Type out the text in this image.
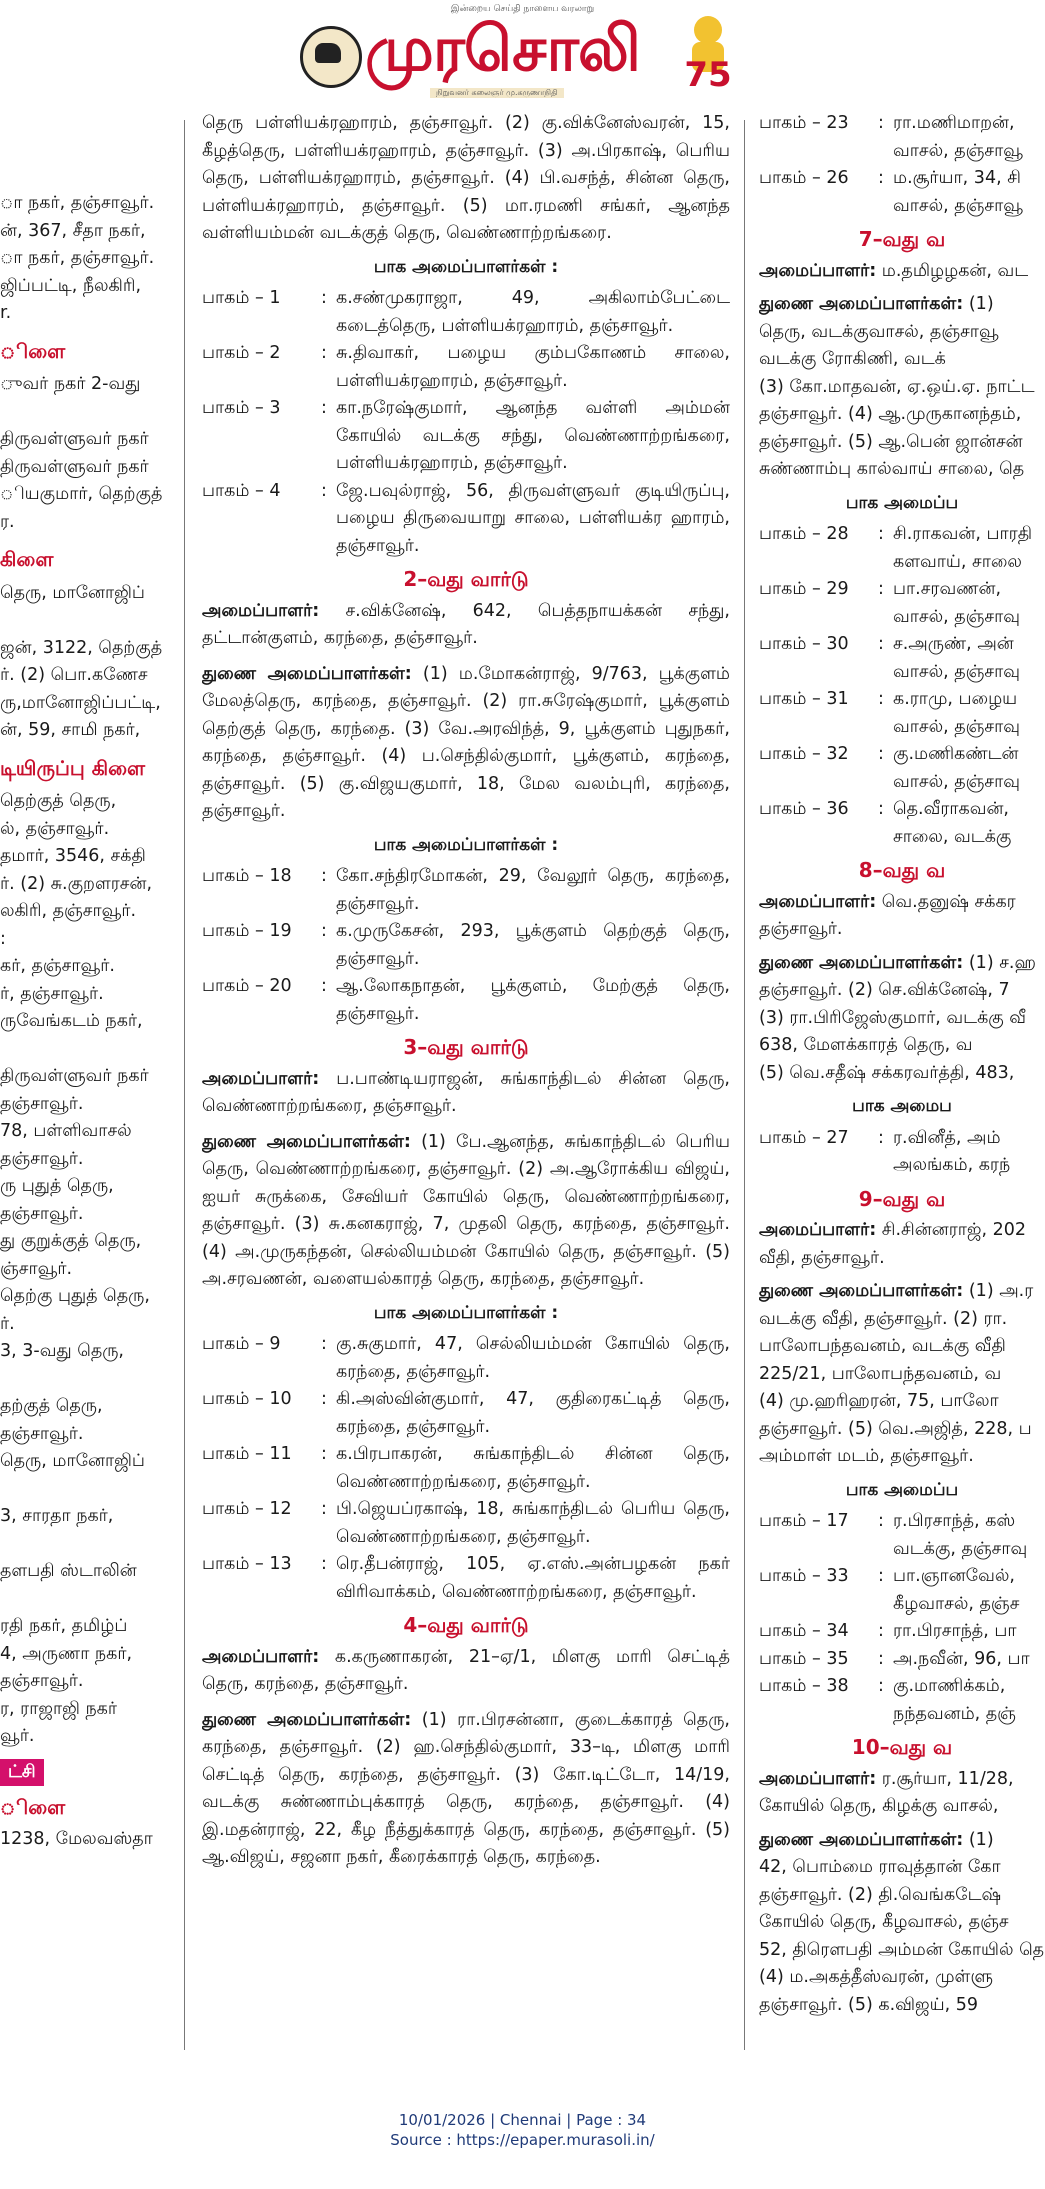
இன்றைய செய்தி நாளைய வரலாறு
முரசொலி
நிறுவனர் கலைஞர் மு.கருணாநிதி	75

ா நகர், தஞ்சாவூர்.

ன், 367, சீதா நகர்,

ா நகர், தஞ்சாவூர்.

ஜிப்பட்டி, நீலகிரி,

r.

ிளை

ுவர் நகர் 2-வது

திருவள்ளுவர் நகர்

திருவள்ளுவர் நகர்

ியகுமார், தெற்குத்

ர.

கிளை

தெரு, மானோஜிப்

ஜன், 3122, தெற்குத்

ர். (2) பொ.கணேச

ரு,மானோஜிப்பட்டி,

ன், 59, சாமி நகர்,

டியிருப்பு கிளை

தெற்குத் தெரு,

ல், தஞ்சாவூர்.

தமார், 3546, சக்தி

ர். (2) சு.குறளரசன்,

லகிரி, தஞ்சாவூர்.

:

கர், தஞ்சாவூர்.

ர், தஞ்சாவூர்.

ருவேங்கடம் நகர்,

திருவள்ளுவர் நகர்

தஞ்சாவூர்.

78, பள்ளிவாசல்

தஞ்சாவூர்.

ரு புதுத் தெரு,

தஞ்சாவூர்.

து குறுக்குத் தெரு,

ஞ்சாவூர்.

தெற்கு புதுத் தெரு,

ர்.

3, 3-வது தெரு,

தற்குத் தெரு,

தஞ்சாவூர்.

தெரு, மானோஜிப்

3, சாரதா நகர்,

தளபதி ஸ்டாலின்

ரதி நகர், தமிழ்ப்

4, அருணா நகர்,

தஞ்சாவூர்.

ர, ராஜாஜி நகர்

வூர்.

ட்சி
ிளை

1238, மேலவஸ்தா

தெரு பள்ளியக்ரஹாரம், தஞ்சாவூர். (2) கு.விக்னேஸ்வரன், 15, கீழத்தெரு, பள்ளியக்ரஹாரம், தஞ்சாவூர். (3) அ.பிரகாஷ், பெரிய தெரு, பள்ளியக்ரஹாரம், தஞ்சாவூர். (4) பி.வசந்த், சின்ன தெரு, பள்ளியக்ரஹாரம், தஞ்சாவூர். (5) மா.ரமணி சங்கர், ஆனந்த வள்ளியம்மன் வடக்குத் தெரு, வெண்ணாற்றங்கரை.

பாக அமைப்பாளர்கள் :
பாகம் – 1	: க.சண்முகராஜா, 49, அகிலாம்பேட்டை கடைத்தெரு, பள்ளியக்ரஹாரம், தஞ்சாவூர்.
பாகம் – 2	: சு.திவாகர், பழைய கும்பகோணம் சாலை, பள்ளியக்ரஹாரம், தஞ்சாவூர்.
பாகம் – 3	: கா.நரேஷ்குமார், ஆனந்த வள்ளி அம்மன் கோயில் வடக்கு சந்து, வெண்ணாற்றங்கரை, பள்ளியக்ரஹாரம், தஞ்சாவூர்.
பாகம் – 4	: ஜே.பவுல்ராஜ், 56, திருவள்ளுவர் குடியிருப்பு, பழைய திருவையாறு சாலை, பள்ளியக்ர ஹாரம், தஞ்சாவூர்.
2–வது வார்டு

அமைப்பாளர்: ச.விக்னேஷ், 642, பெத்தநாயக்கன் சந்து, தட்டான்குளம், கரந்தை, தஞ்சாவூர்.

துணை அமைப்பாளர்கள்: (1) ம.மோகன்ராஜ், 9/763, பூக்குளம் மேலத்தெரு, கரந்தை, தஞ்சாவூர். (2) ரா.சுரேஷ்குமார், பூக்குளம் தெற்குத் தெரு, கரந்தை. (3) வே.அரவிந்த், 9, பூக்குளம் புதுநகர், கரந்தை, தஞ்சாவூர். (4) ப.செந்தில்குமார், பூக்குளம், கரந்தை, தஞ்சாவூர். (5) கு.விஜயகுமார், 18, மேல வலம்புரி, கரந்தை, தஞ்சாவூர்.

பாக அமைப்பாளர்கள் :
பாகம் – 18	: கோ.சந்திரமோகன், 29, வேலூர் தெரு, கரந்தை, தஞ்சாவூர்.
பாகம் – 19	: க.முருகேசன், 293, பூக்குளம் தெற்குத் தெரு, தஞ்சாவூர்.
பாகம் – 20	: ஆ.லோகநாதன், பூக்குளம், மேற்குத் தெரு, தஞ்சாவூர்.
3–வது வார்டு

அமைப்பாளர்: ப.பாண்டியராஜன், சுங்காந்திடல் சின்ன தெரு, வெண்ணாற்றங்கரை, தஞ்சாவூர்.

துணை அமைப்பாளர்கள்: (1) பே.ஆனந்த, சுங்காந்திடல் பெரிய தெரு, வெண்ணாற்றங்கரை, தஞ்சாவூர். (2) அ.ஆரோக்கிய விஜய், ஐயர் சுருக்கை, சேவியர் கோயில் தெரு, வெண்ணாற்றங்கரை, தஞ்சாவூர். (3) சு.கனகராஜ், 7, முதலி தெரு, கரந்தை, தஞ்சாவூர். (4) அ.முருகந்தன், செல்லியம்மன் கோயில் தெரு, தஞ்சாவூர். (5) அ.சரவணன், வளையல்காரத் தெரு, கரந்தை, தஞ்சாவூர்.

பாக அமைப்பாளர்கள் :
பாகம் – 9	: கு.சுகுமார், 47, செல்லியம்மன் கோயில் தெரு, கரந்தை, தஞ்சாவூர்.
பாகம் – 10	: கி.அஸ்வின்குமார், 47, குதிரைகட்டித் தெரு, கரந்தை, தஞ்சாவூர்.
பாகம் – 11	: க.பிரபாகரன், சுங்காந்திடல் சின்ன தெரு, வெண்ணாற்றங்கரை, தஞ்சாவூர்.
பாகம் – 12	: பி.ஜெயப்ரகாஷ், 18, சுங்காந்திடல் பெரிய தெரு, வெண்ணாற்றங்கரை, தஞ்சாவூர்.
பாகம் – 13	: ரெ.தீபன்ராஜ், 105, ஏ.எஸ்.அன்பழகன் நகர் விரிவாக்கம், வெண்ணாற்றங்கரை, தஞ்சாவூர்.
4–வது வார்டு

அமைப்பாளர்: க.கருணாகரன், 21–ஏ/1, மிளகு மாரி செட்டித் தெரு, கரந்தை, தஞ்சாவூர்.

துணை அமைப்பாளர்கள்: (1) ரா.பிரசன்னா, குடைக்காரத் தெரு, கரந்தை, தஞ்சாவூர். (2) ஹ.செந்தில்குமார், 33–டி, மிளகு மாரி செட்டித் தெரு, கரந்தை, தஞ்சாவூர். (3) கோ.டிட்டோ, 14/19, வடக்கு சுண்ணாம்புக்காரத் தெரு, கரந்தை, தஞ்சாவூர். (4) இ.மதன்ராஜ், 22, கீழ நீத்துக்காரத் தெரு, கரந்தை, தஞ்சாவூர். (5) ஆ.விஜய், சஜனா நகர், கீரைக்காரத் தெரு, கரந்தை.

பாகம் – 23	: ரா.மணிமாறன்,
வாசல், தஞ்சாவூ
பாகம் – 26	: ம.சூர்யா, 34, சி
வாசல், தஞ்சாவூ
7–வது வ

அமைப்பாளர்: ம.தமிழழகன், வட

துணை அமைப்பாளர்கள்: (1)

தெரு, வடக்குவாசல், தஞ்சாவூ

வடக்கு ரோகிணி, வடக்

(3) கோ.மாதவன், ஏ.ஒய்.ஏ. நாட்ட

தஞ்சாவூர். (4) ஆ.முருகானந்தம்,

தஞ்சாவூர். (5) ஆ.பென் ஜான்சன்

சுண்ணாம்பு கால்வாய் சாலை, தெ

பாக அமைப்ப
பாகம் – 28	: சி.ராகவன், பாரதி
களவாய், சாலை
பாகம் – 29	: பா.சரவணன்,
வாசல், தஞ்சாவு
பாகம் – 30	: ச.அருண், அன்
வாசல், தஞ்சாவு
பாகம் – 31	: க.ராமு, பழைய
வாசல், தஞ்சாவு
பாகம் – 32	: கு.மணிகண்டன்
வாசல், தஞ்சாவு
பாகம் – 36	: தெ.வீராகவன்,
சாலை, வடக்கு
8–வது வ

அமைப்பாளர்: வெ.தனுஷ் சக்கர

தஞ்சாவூர்.

துணை அமைப்பாளர்கள்: (1) ச.ஹ

தஞ்சாவூர். (2) செ.விக்னேஷ், 7

(3) ரா.பிரிஜேஸ்குமார், வடக்கு வீ

638, மேளக்காரத் தெரு, வ

(5) வெ.சதீஷ் சக்கரவர்த்தி, 483,

பாக அமைப
பாகம் – 27	: ர.வினீத், அம்
அலங்கம், கரந்
9–வது வ

அமைப்பாளர்: சி.சின்னராஜ், 202

வீதி, தஞ்சாவூர்.

துணை அமைப்பாளர்கள்: (1) அ.ர

வடக்கு வீதி, தஞ்சாவூர். (2) ரா.

பாலோபந்தவனம், வடக்கு வீதி

225/21, பாலோபந்தவனம், வ

(4) மு.ஹரிஹரன், 75, பாலோ

தஞ்சாவூர். (5) வெ.அஜித், 228, ப

அம்மாள் மடம், தஞ்சாவூர்.

பாக அமைப்ப
பாகம் – 17	: ர.பிரசாந்த், கஸ்
வடக்கு, தஞ்சாவு
பாகம் – 33	: பா.ஞானவேல்,
கீழவாசல், தஞ்ச
பாகம் – 34	: ரா.பிரசாந்த், பா
பாகம் – 35	: அ.நவீன், 96, பா
பாகம் – 38	: கு.மாணிக்கம்,
நந்தவனம், தஞ்
10–வது வ

அமைப்பாளர்: ர.சூர்யா, 11/28,

கோயில் தெரு, கிழக்கு வாசல்,

துணை அமைப்பாளர்கள்: (1)

42, பொம்மை ராவுத்தான் கோ

தஞ்சாவூர். (2) தி.வெங்கடேஷ்

கோயில் தெரு, கீழவாசல், தஞ்ச

52, திரௌபதி அம்மன் கோயில் தெ

(4) ம.அகத்தீஸ்வரன், முள்ளு

தஞ்சாவூர். (5) க.விஜய், 59

10/01/2026 | Chennai | Page : 34
Source : https://epaper.murasoli.in/
